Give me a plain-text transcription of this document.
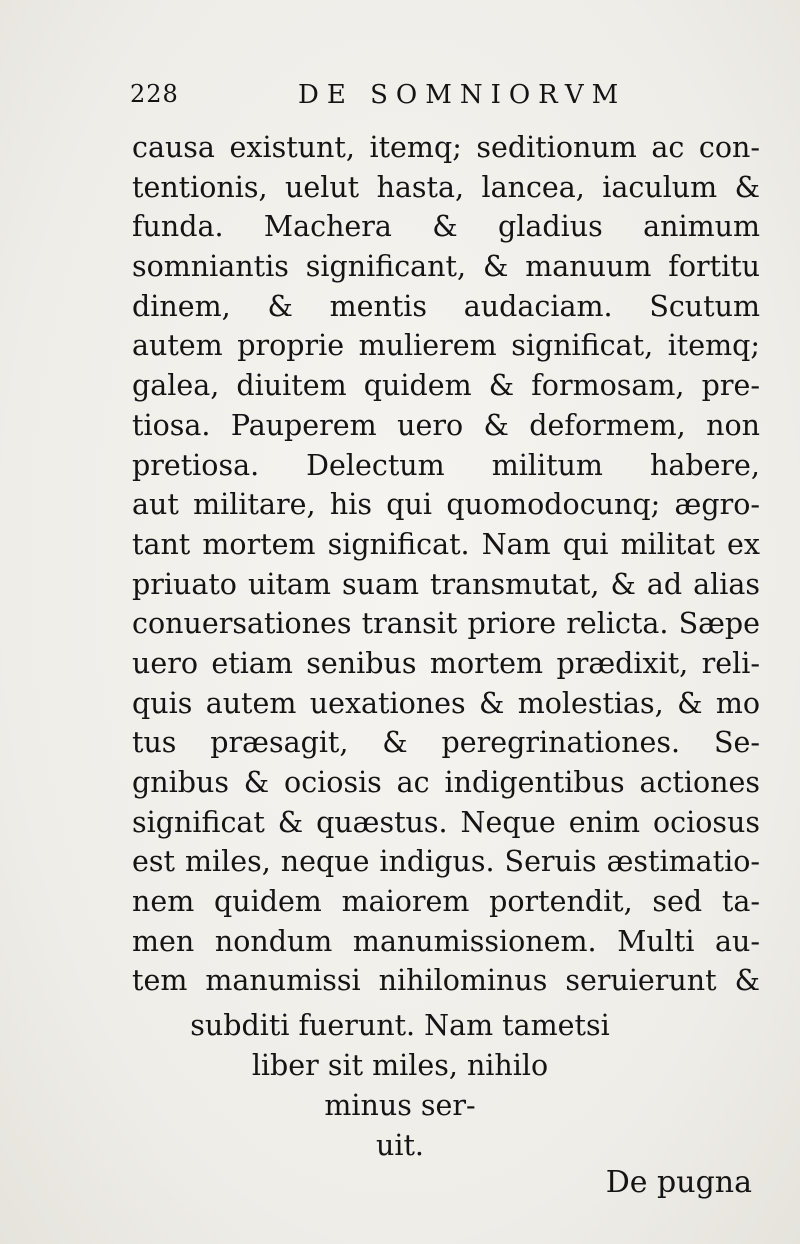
228	DE SOMNIORVM
causa existunt, itemq; seditionum ac con-
tentionis, uelut hasta, lancea, iaculum &
funda. Machera & gladius animum
somniantis significant, & manuum fortitu
dinem, & mentis audaciam. Scutum
autem proprie mulierem significat, itemq;
galea, diuitem quidem & formosam, pre-
tiosa. Pauperem uero & deformem, non
pretiosa. Delectum militum habere,
aut militare, his qui quomodocunq; ægro-
tant mortem significat. Nam qui militat ex
priuato uitam suam transmutat, & ad alias
conuersationes transit priore relicta. Sæpe
uero etiam senibus mortem prædixit, reli-
quis autem uexationes & molestias, & mo
tus præsagit, & peregrinationes. Se-
gnibus & ociosis ac indigentibus actiones
significat & quæstus. Neque enim ociosus
est miles, neque indigus. Seruis æstimatio-
nem quidem maiorem portendit, sed ta-
men nondum manumissionem. Multi au-
tem manumissi nihilominus seruierunt &
subditi fuerunt. Nam tametsi
liber sit miles, nihilo
minus ser-
uit.
De pugna
